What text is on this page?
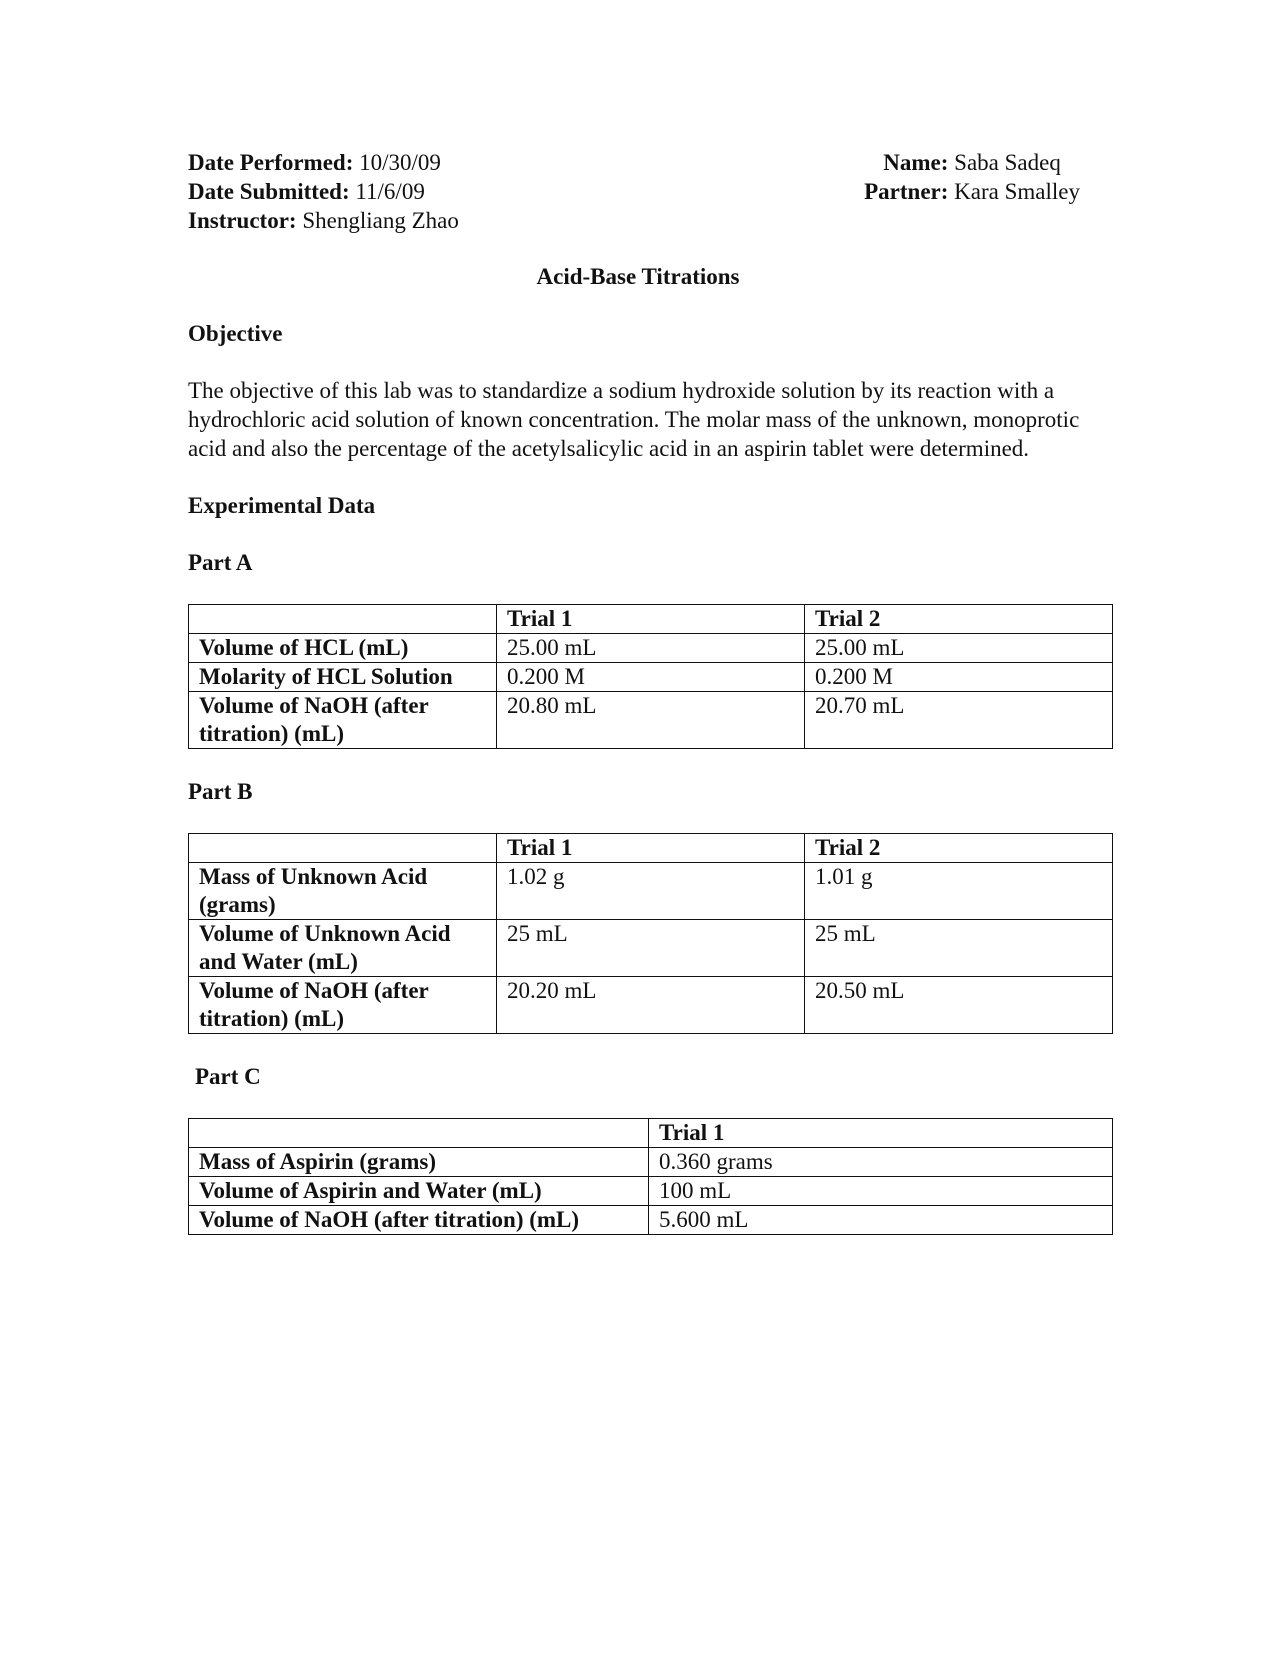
Date Performed: 10/30/09
Date Submitted: 11/6/09
Instructor: Shengliang Zhao
Name: Saba Sadeq
Partner: Kara Smalley
Acid-Base Titrations
Objective
The objective of this lab was to standardize a sodium hydroxide solution by its reaction with a hydrochloric acid solution of known concentration. The molar mass of the unknown, monoprotic acid and also the percentage of the acetylsalicylic acid in an aspirin tablet were determined.
Experimental Data
Part A
	Trial 1	Trial 2
Volume of HCL (mL)	25.00 mL	25.00 mL
Molarity of HCL Solution	0.200 M	0.200 M
Volume of NaOH (after titration) (mL)	20.80 mL	20.70 mL
Part B
	Trial 1	Trial 2
Mass of Unknown Acid (grams)	1.02 g	1.01 g
Volume of Unknown Acid and Water (mL)	25 mL	25 mL
Volume of NaOH (after titration) (mL)	20.20 mL	20.50 mL
Part C
	Trial 1
Mass of Aspirin (grams)	0.360 grams
Volume of Aspirin and Water (mL)	100 mL
Volume of NaOH (after titration) (mL)	5.600 mL
